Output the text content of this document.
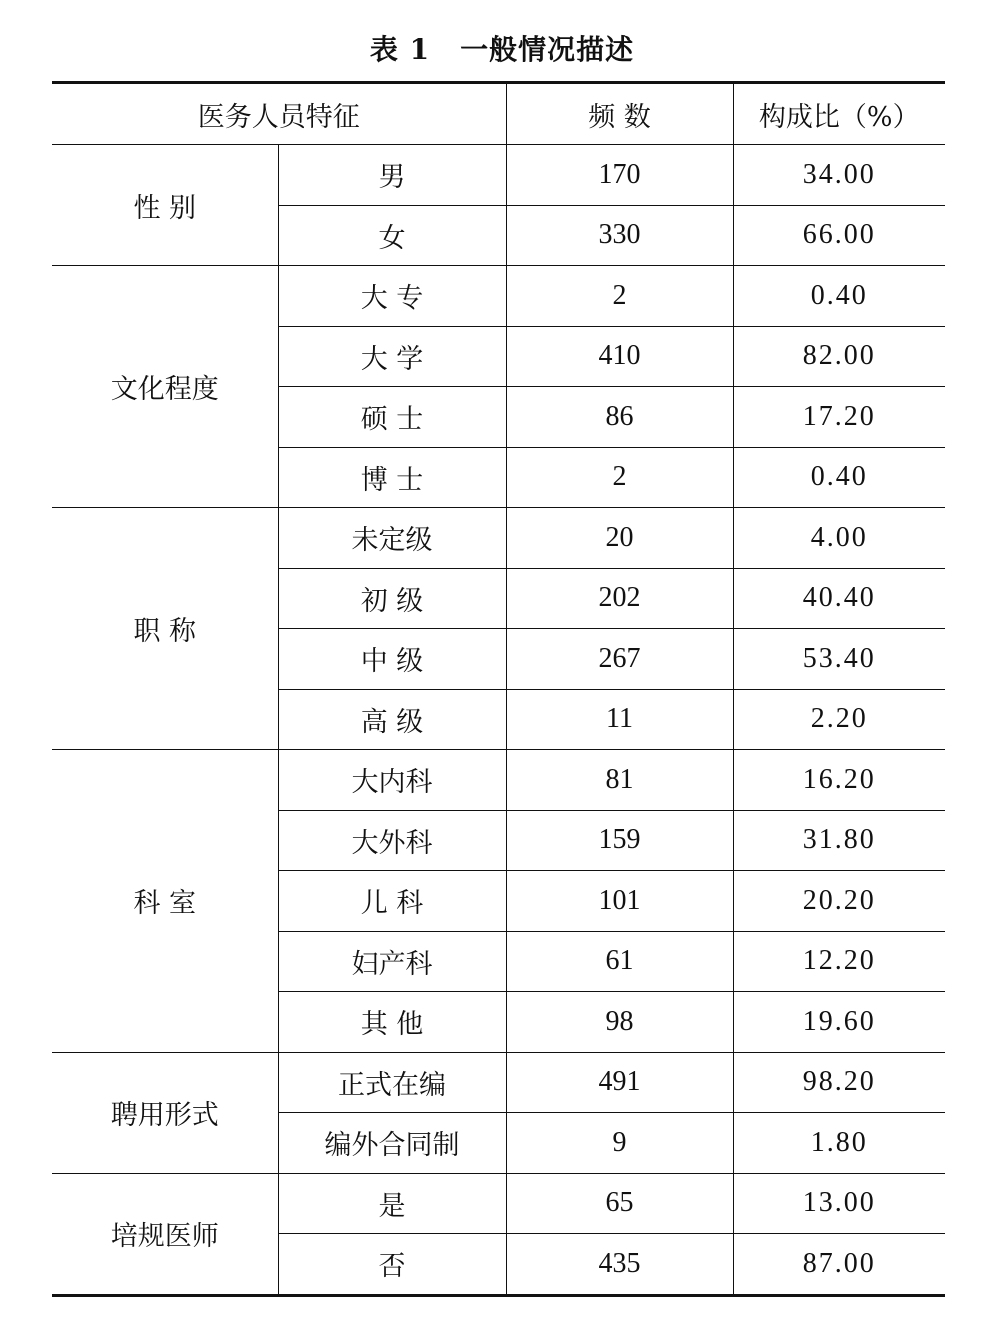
表 1 一般情况描述
医务人员特征		频 数	构成比（%）
性 别	男	170	34.00
	女	330	66.00
文化程度	大 专	2	0.40
	大 学	410	82.00
	硕 士	86	17.20
	博 士	2	0.40
职 称	未定级	20	4.00
	初 级	202	40.40
	中 级	267	53.40
	高 级	11	2.20
科 室	大内科	81	16.20
	大外科	159	31.80
	儿 科	101	20.20
	妇产科	61	12.20
	其 他	98	19.60
聘用形式	正式在编	491	98.20
	编外合同制	9	1.80
培规医师	是	65	13.00
	否	435	87.00
